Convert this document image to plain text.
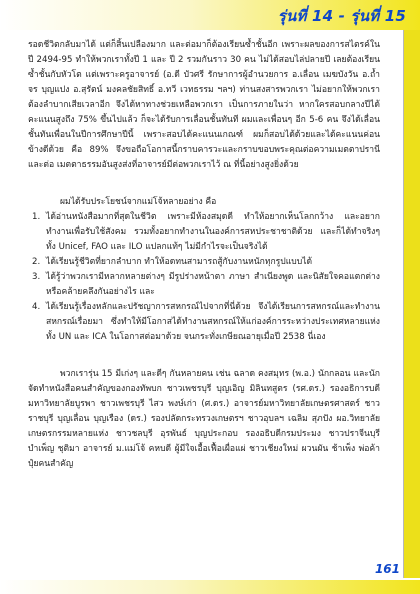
รุ่นที่ 14 - รุ่นที่ 15

รอดชีวิตกลับมาได้ แต่ก็สิ้นเปลืองมาก และต่อมาก็ต้องเรียนซ้ำชั้นอีก เพราะผลของการสไตรค์ในปี 2494-95 ทำให้พวกเราทั้งปี 1 และ ปี 2 รวมกันราว 30 คน ไม่ได้สอบไล่ปลายปี เลยต้องเรียนซ้ำชั้นกับหัวโต แต่เพราะครูอาจารย์ (อ.ดี บัวศรี รักษาการผู้อำนวยการ อ.เลื่อน เมฆบังวัน อ.ถ้ำจร บุญแปง อ.สุรัตน์ มงคลชัยสิทธิ์ อ.ทวี เวทธรรม ฯลฯ) ท่านสงสารพวกเรา ไม่อยากให้พวกเราต้องลำบากเสียเวลาอีก จึงได้หาทางช่วยเหลือพวกเรา เป็นการภายในว่า หากใครสอบกลางปีได้คะแนนสูงถึง 75% ขึ้นไปแล้ว ก็จะได้รับการเลื่อนชั้นทันที ผมและเพื่อนๆ อีก 5-6 คน จึงได้เลื่อนชั้นทันเพื่อนในปีการศึกษาปีนี้ เพราะสอบได้คะแนนเกณฑ์ ผมก็สอบได้ด้วยและได้คะแนนค่อนข้างดีด้วย คือ 89% จึงขอถือโอกาสนี้กราบคารวะและกราบขอบพระคุณต่อความเมตตาปรานี และต่อ เมตตาธรรมอันสูงส่งที่อาจารย์มีต่อพวกเราไว้ ณ ที่นี้อย่างสูงยิ่งด้วย

ผมได้รับประโยชน์จากแม่โจ้หลายอย่าง คือ

1. ได้อ่านหนังสือมากที่สุดในชีวิต เพราะมีห้องสมุดดี ทำให้อยากเห็นโลกกว้าง และอยากทำงานเพื่อรับใช้สังคม รวมทั้งอยากทำงานในองค์การสหประชาชาติด้วย และก็ได้ทำจริงๆ ทั้ง Unicef, FAO และ ILO แปลกแท้ๆ ไม่มีกำไรจะเป็นจริงได้
2. ได้เรียนรู้ชีวิตที่ยากลำบาก ทำให้อดทนสามารถสู้กับงานหนักทุกรูปแบบได้
3. ได้รู้ว่าพวกเรามีหลากหลายต่างๆ มีรูปร่างหน้าตา ภาษา สำเนียงพูด และนิสัยใจคอแตกต่างหรือคล้ายคลึงกันอย่างไร และ
4. ได้เรียนรู้เรื่องหลักและปรัชญาการสหกรณ์ไปจากที่นี่ด้วย จึงได้เรียนการสหกรณ์และทำงานสหกรณ์เรื่อยมา ซึ่งทำให้มีโอกาสได้ทำงานสหกรณ์ให้แก่องค์การระหว่างประเทศหลายแห่ง ทั้ง UN และ ICA ในโอกาสต่อมาด้วย จนกระทั่งเกษียณอายุเมื่อปี 2538 นี่เอง

พวกเรารุ่น 15 มีเก่งๆ และดีๆ กันหลายคน เช่น ฉลาด คงสมุทร (พ.อ.) นักกลอน และนักจัดทำหนังสือคนสำคัญของกองทัพบก ชาวเพชรบุรี บุญเอิญ มิลินทสูตร (รศ.ดร.) รองอธิการบดี มหาวิทยาลัยบูรพา ชาวเพชรบุรี ไสว พงษ์เก่า (ศ.ดร.) อาจารย์มหาวิทยาลัยเกษตรศาสตร์ ชาวราชบุรี บุญเลื่อน บุญเรือง (ดร.) รองปลัดกระทรวงเกษตรฯ ชาวอุบลฯ เฉลิม สุภปัง ผอ.วิทยาลัยเกษตรกรรมหลายแห่ง ชาวชลบุรี อุรพันธ์ บุญประกอบ รองอธิบดีกรมประมง ชาวปราจีนบุรี บำเพ็ญ ชุติมา อาจารย์ ม.แม่โจ้ คหบดี ผู้มีใจเอื้อเฟื้อเผื่อแผ่ ชาวเชียงใหม่ ผวนผัน ช้าเพ็ง พ่อค้าปุ๋ยคนสำคัญ

161
